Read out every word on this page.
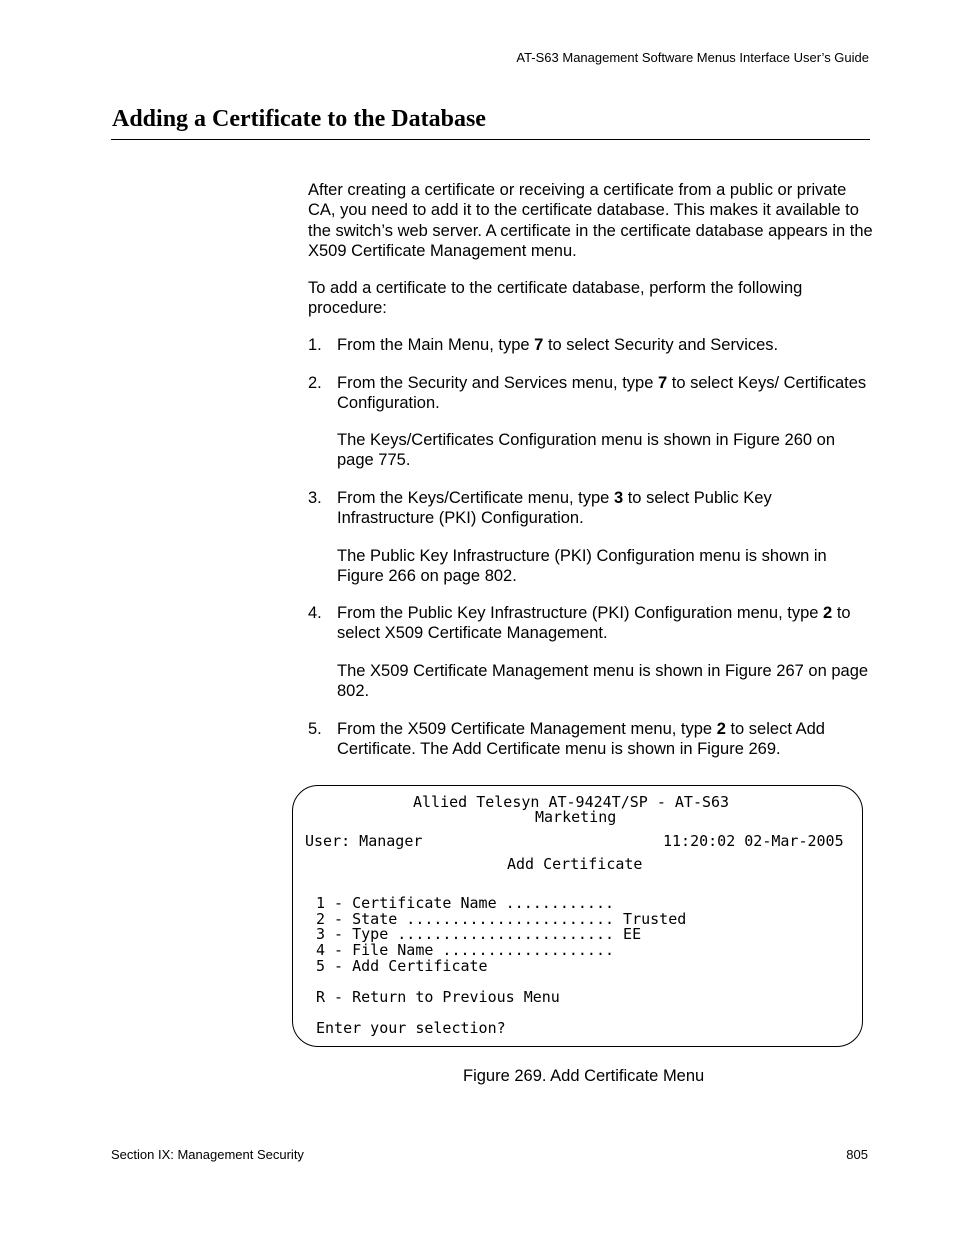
AT-S63 Management Software Menus Interface User’s Guide
Adding a Certificate to the Database

After creating a certificate or receiving a certificate from a public or private CA, you need to add it to the certificate database. This makes it available to the switch’s web server. A certificate in the certificate database appears in the X509 Certificate Management menu.

To add a certificate to the certificate database, perform the following procedure:

1. From the Main Menu, type 7 to select Security and Services.
2. From the Security and Services menu, type 7 to select Keys/ Certificates Configuration.

The Keys/Certificates Configuration menu is shown in Figure 260 on page 775.

3. From the Keys/Certificate menu, type 3 to select Public Key Infrastructure (PKI) Configuration.

The Public Key Infrastructure (PKI) Configuration menu is shown in Figure 266 on page 802.

4. From the Public Key Infrastructure (PKI) Configuration menu, type 2 to select X509 Certificate Management.

The X509 Certificate Management menu is shown in Figure 267 on page 802.

5. From the X509 Certificate Management menu, type 2 to select Add Certificate. The Add Certificate menu is shown in Figure 269.
Allied Telesyn AT-9424T/SP - AT-S63
Marketing
User: Manager	11:20:02 02-Mar-2005
Add Certificate
1 - Certificate Name ............
2 - State ....................... Trusted
3 - Type ........................ EE
4 - File Name ...................
5 - Add Certificate
R - Return to Previous Menu
Enter your selection?
Figure 269. Add Certificate Menu
Section IX: Management Security	805
